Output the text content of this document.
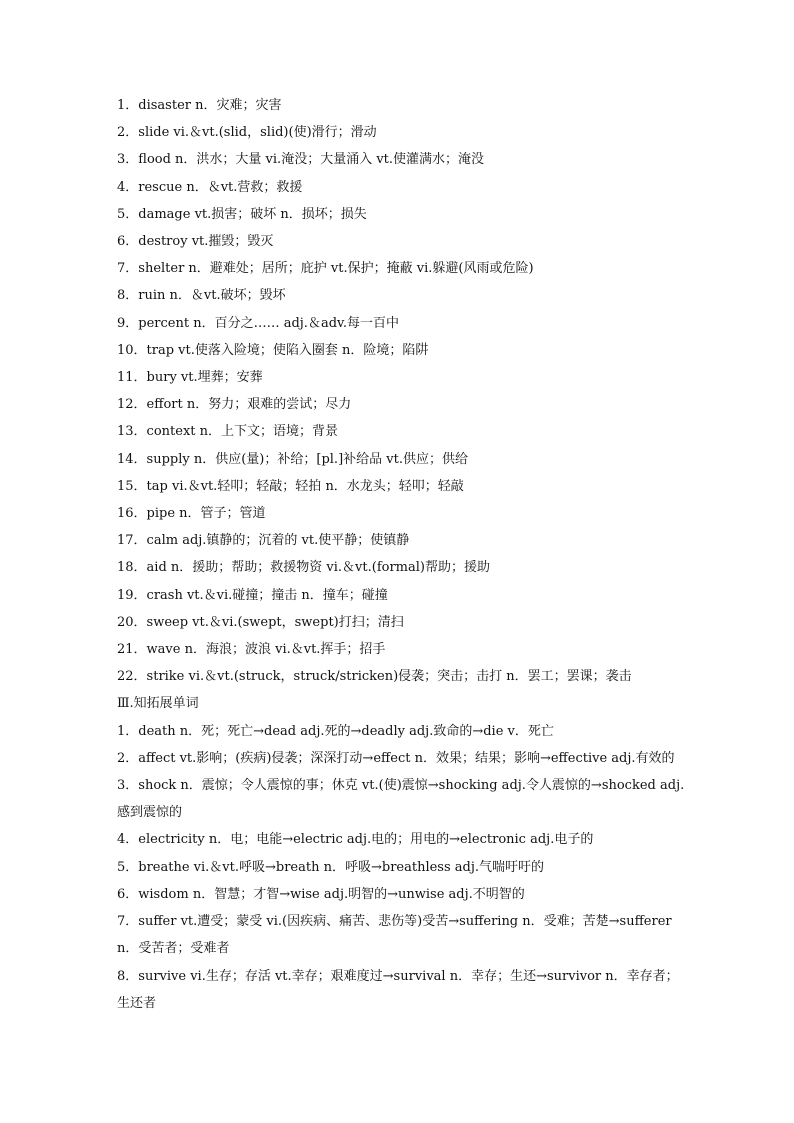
1．disaster n．灾难；灾害
2．slide vi.＆vt.(slid，slid)(使)滑行；滑动
3．flood n．洪水；大量 vi.淹没；大量涌入 vt.使灌满水；淹没
4．rescue n．＆vt.营救；救援
5．damage vt.损害；破坏 n．损坏；损失
6．destroy vt.摧毁；毁灭
7．shelter n．避难处；居所；庇护 vt.保护；掩蔽 vi.躲避(风雨或危险)
8．ruin n．＆vt.破坏；毁坏
9．percent n．百分之…… adj.＆adv.每一百中
10．trap vt.使落入险境；使陷入圈套 n．险境；陷阱
11．bury vt.埋葬；安葬
12．effort n．努力；艰难的尝试；尽力
13．context n．上下文；语境；背景
14．supply n．供应(量)；补给；[pl.]补给品 vt.供应；供给
15．tap vi.＆vt.轻叩；轻敲；轻拍 n．水龙头；轻叩；轻敲
16．pipe n．管子；管道
17．calm adj.镇静的；沉着的 vt.使平静；使镇静
18．aid n．援助；帮助；救援物资 vi.＆vt.(formal)帮助；援助
19．crash vt.＆vi.碰撞；撞击 n．撞车；碰撞
20．sweep vt.＆vi.(swept，swept)打扫；清扫
21．wave n．海浪；波浪 vi.＆vt.挥手；招手
22．strike vi.＆vt.(struck，struck/stricken)侵袭；突击；击打 n．罢工；罢课；袭击
Ⅲ.知拓展单词
1．death n．死；死亡→dead adj.死的→deadly adj.致命的→die v．死亡
2．affect vt.影响；(疾病)侵袭；深深打动→effect n．效果；结果；影响→effective adj.有效的
3．shock n．震惊；令人震惊的事；休克 vt.(使)震惊→shocking adj.令人震惊的→shocked adj.感到震惊的
4．electricity n．电；电能→electric adj.电的；用电的→electronic adj.电子的
5．breathe vi.＆vt.呼吸→breath n．呼吸→breathless adj.气喘吁吁的
6．wisdom n．智慧；才智→wise adj.明智的→unwise adj.不明智的
7．suffer vt.遭受；蒙受 vi.(因疾病、痛苦、悲伤等)受苦→suffering n．受难；苦楚→sufferer n．受苦者；受难者
8．survive vi.生存；存活 vt.幸存；艰难度过→survival n．幸存；生还→survivor n．幸存者；生还者
